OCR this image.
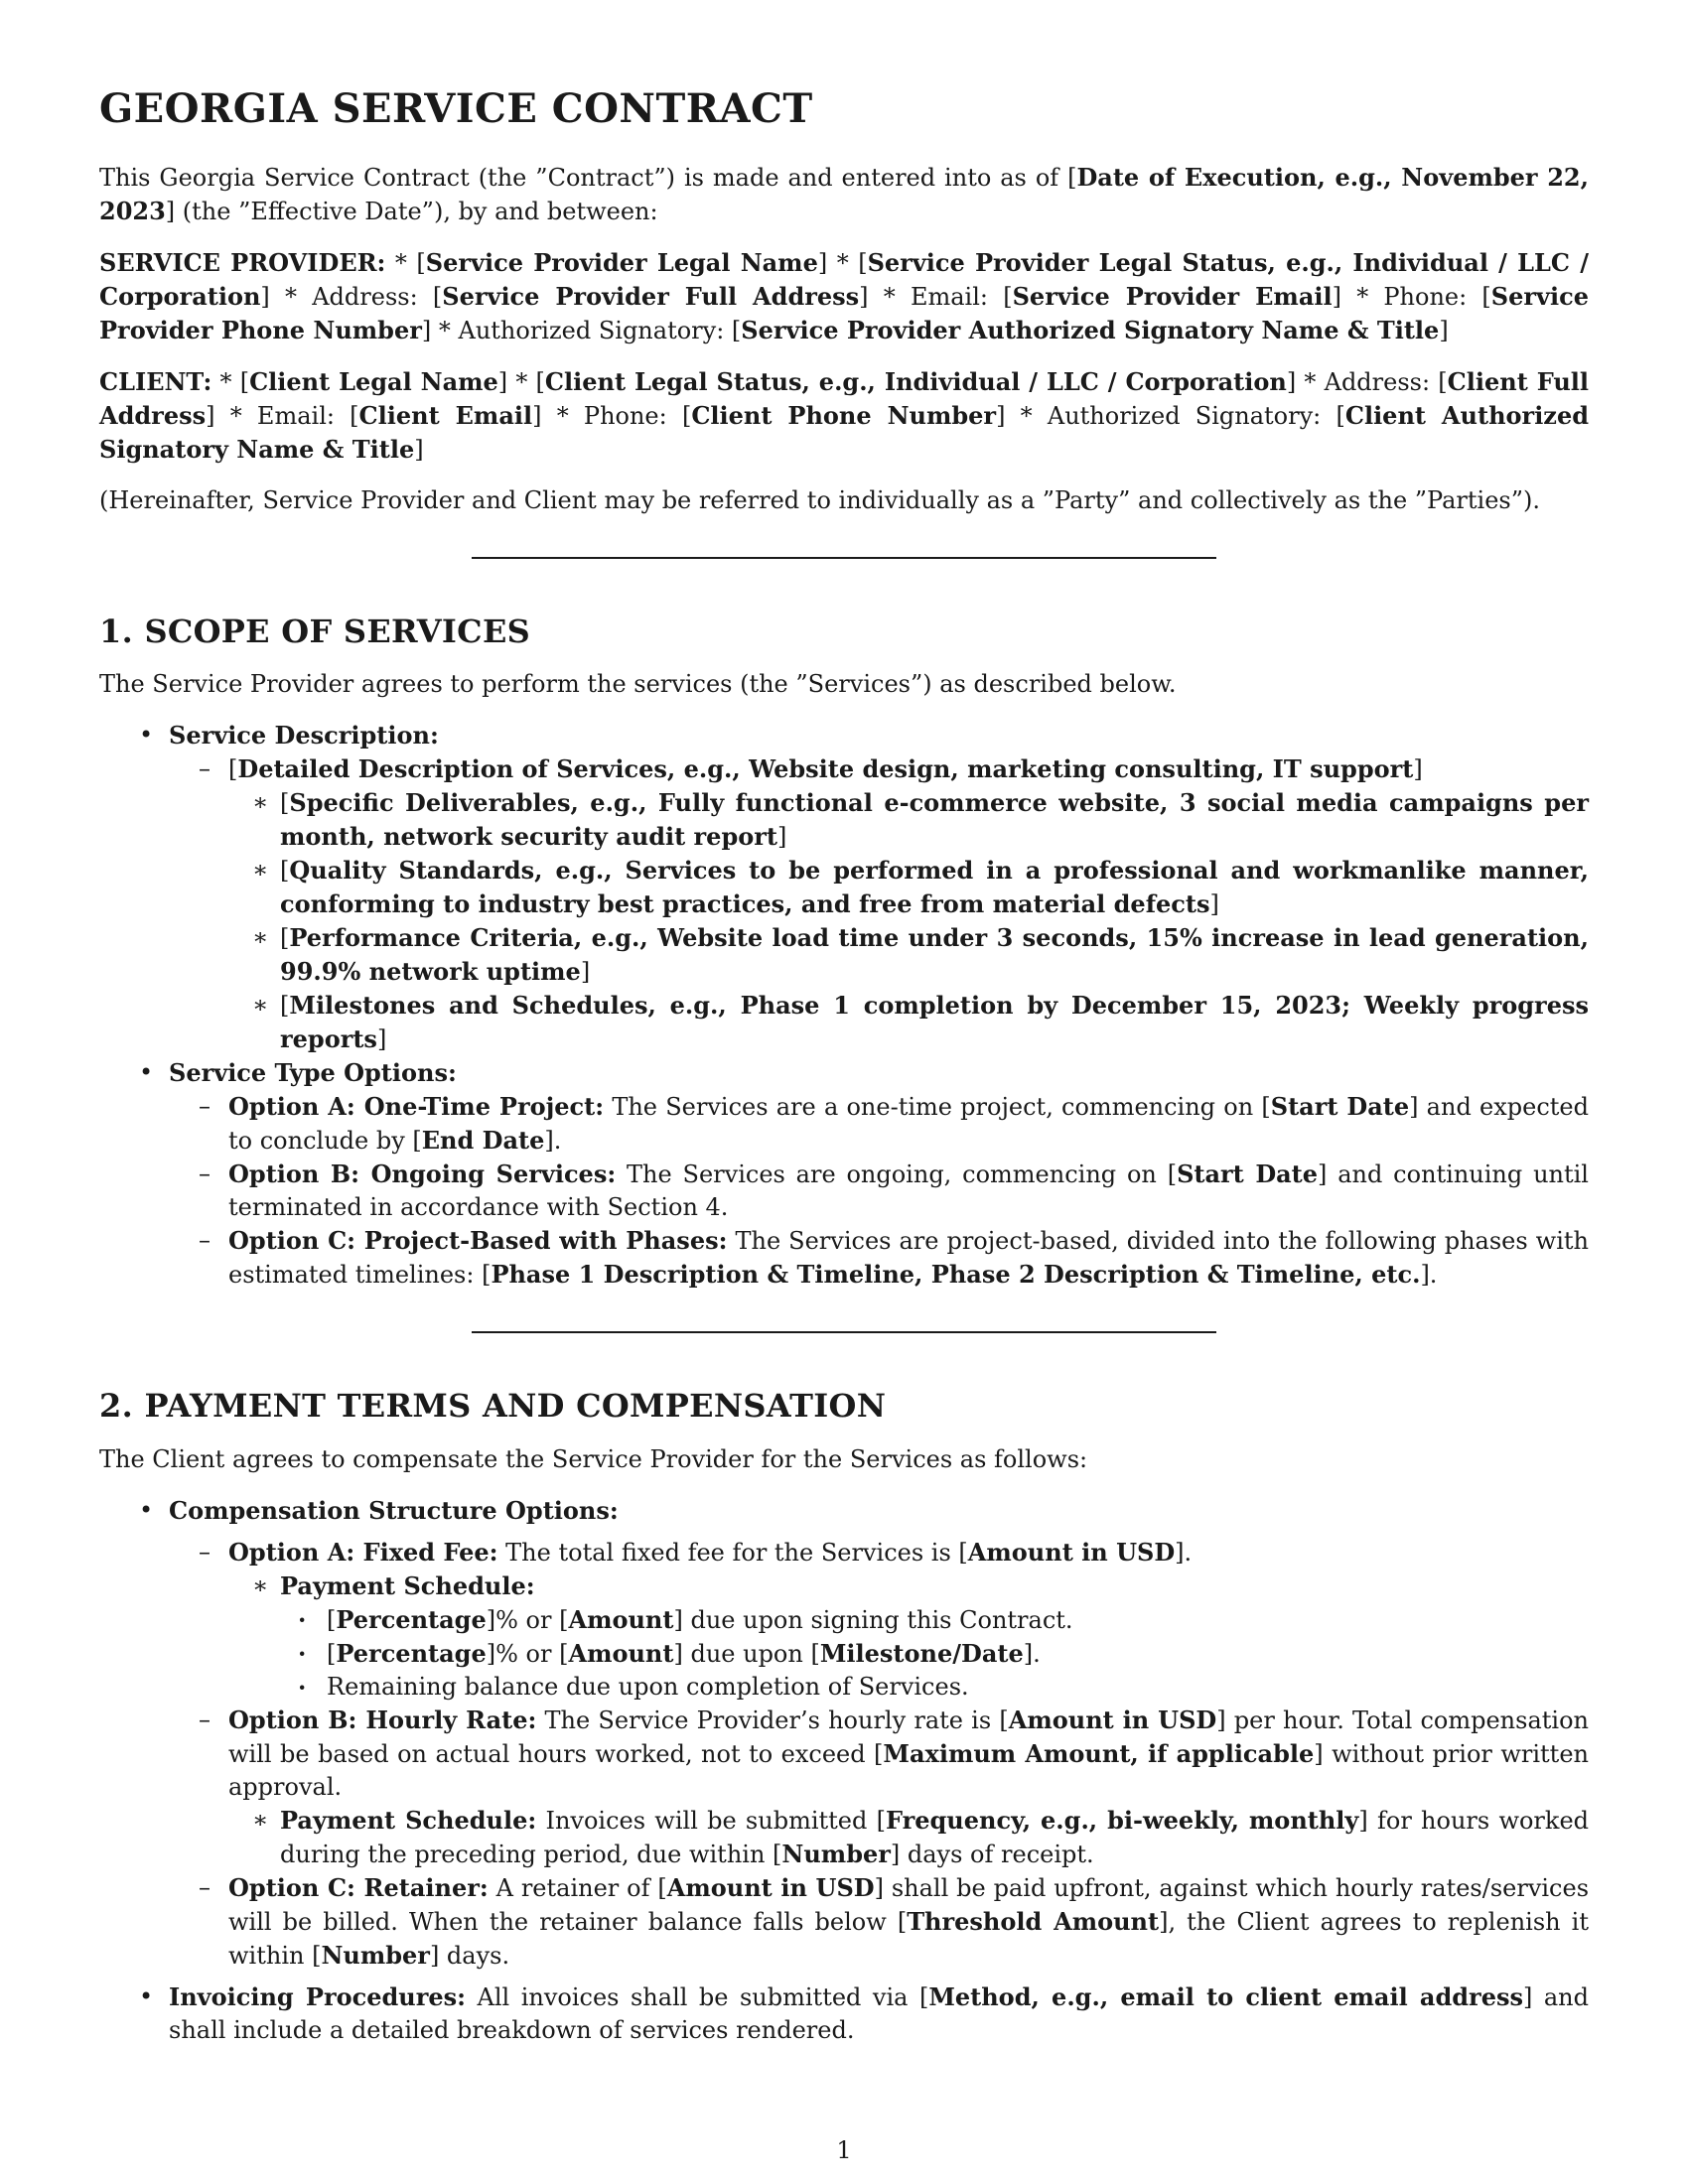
GEORGIA SERVICE CONTRACT

This Georgia Service Contract (the ”Contract”) is made and entered into as of [Date of Execution, e.g., November 22, 2023] (the ”Effective Date”), by and between:

SERVICE PROVIDER: * [Service Provider Legal Name] * [Service Provider Legal Status, e.g., Individual / LLC / Corporation] * Address: [Service Provider Full Address] * Email: [Service Provider Email] * Phone: [Service Provider Phone Number] * Authorized Signatory: [Service Provider Authorized Signatory Name & Title]

CLIENT: * [Client Legal Name] * [Client Legal Status, e.g., Individual / LLC / Corporation] * Address: [Client Full Address] * Email: [Client Email] * Phone: [Client Phone Number] * Authorized Signatory: [Client Authorized Signatory Name & Title]

(Hereinafter, Service Provider and Client may be referred to individually as a ”Party” and collectively as the ”Parties”).

1. SCOPE OF SERVICES

The Service Provider agrees to perform the services (the ”Services”) as described below.

• Service Description:
– [Detailed Description of Services, e.g., Website design, marketing consulting, IT support]
∗ [Specific Deliverables, e.g., Fully functional e-commerce website, 3 social media campaigns per month, network security audit report]
∗ [Quality Standards, e.g., Services to be performed in a professional and workmanlike manner, conforming to industry best practices, and free from material defects]
∗ [Performance Criteria, e.g., Website load time under 3 seconds, 15% increase in lead generation, 99.9% network uptime]
∗ [Milestones and Schedules, e.g., Phase 1 completion by December 15, 2023; Weekly progress reports]
• Service Type Options:
– Option A: One-Time Project: The Services are a one-time project, commencing on [Start Date] and expected to conclude by [End Date].
– Option B: Ongoing Services: The Services are ongoing, commencing on [Start Date] and continuing until terminated in accordance with Section 4.
– Option C: Project-Based with Phases: The Services are project-based, divided into the following phases with estimated timelines: [Phase 1 Description & Timeline, Phase 2 Description & Timeline, etc.].
2. PAYMENT TERMS AND COMPENSATION

The Client agrees to compensate the Service Provider for the Services as follows:

• Compensation Structure Options:
– Option A: Fixed Fee: The total fixed fee for the Services is [Amount in USD].
∗ Payment Schedule:
· [Percentage]% or [Amount] due upon signing this Contract.
· [Percentage]% or [Amount] due upon [Milestone/Date].
· Remaining balance due upon completion of Services.
– Option B: Hourly Rate: The Service Provider’s hourly rate is [Amount in USD] per hour. Total compensation will be based on actual hours worked, not to exceed [Maximum Amount, if applicable] without prior written approval.
∗ Payment Schedule: Invoices will be submitted [Frequency, e.g., bi-weekly, monthly] for hours worked during the preceding period, due within [Number] days of receipt.
– Option C: Retainer: A retainer of [Amount in USD] shall be paid upfront, against which hourly rates/services will be billed. When the retainer balance falls below [Threshold Amount], the Client agrees to replenish it within [Number] days.
• Invoicing Procedures: All invoices shall be submitted via [Method, e.g., email to client email address] and shall include a detailed breakdown of services rendered.
1
